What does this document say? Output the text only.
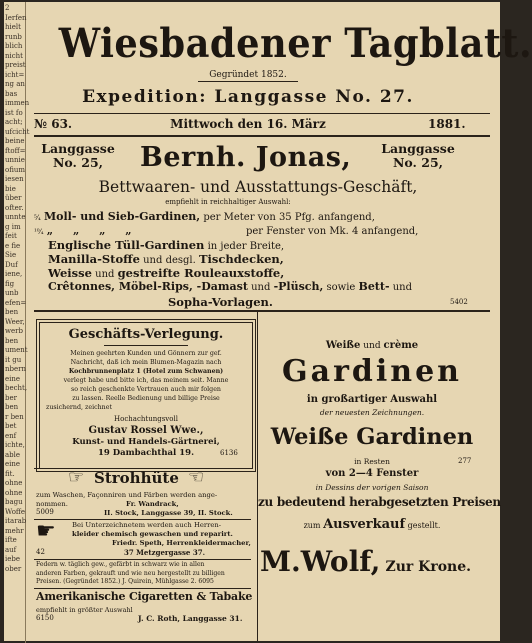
2
Ierfen
hielt
runb
blich
nicht
preist
icht=
ng an
bas
immen
ist fo
acht;
ufcicht
beine
ftoff=
unnie
ofium
iesen
bie
über
ofter.
unnte
g im
feit
e fie
Sie
Duf
iene,
fig
unb
efen=
ben
Weer,
werb
ben
ument
it gu
nbern
eine
becht,
ber
ben
r ben
bet
enf
ichte,
able
eine
fit.
ohne
ohne
bagu
Woffe
itarab
mehr
ifte
auf
iebe
ober
Wiesbadener Tagblatt.
Gegründet 1852.
Expedition: Langgasse No. 27.
№ 63.	Mittwoch den 16. März	1881.
Langgasse
No. 25,	Bernh. Jonas,	Langgasse
No. 25,
Bettwaaren- und Ausstattungs-Geschäft,
empfiehlt in reichhaltiger Auswahl:
⁵⁄₄ Moll- und Sieb-Gardinen, per Meter von 35 Pfg. anfangend,
¹⁰⁄₄ „ „ „ „	per Fenster von Mk. 4 anfangend,
Englische Tüll-Gardinen in jeder Breite,
Manilla-Stoffe und desgl. Tischdecken,
Weisse und gestreifte Rouleauxstoffe,
Crêtonnes, Möbel-Rips, -Damast und -Plüsch, sowie Bett- und
Sopha-Vorlagen.	5402
Geschäfts-Verlegung.
Meinen geehrten Kunden und Gönnern zur gef.
Nachricht, daß ich mein Blumen-Magazin nach
Kochbrunnenplatz 1 (Hotel zum Schwanen)
verlegt habe und bitte ich, das meinem seit. Manne
so reich geschenkte Vertrauen auch mir folgen
zu lassen. Reelle Bedienung und billige Preise
zusichernd, zeichnet
Hochachtungsvoll
Gustav Rossel Wwe.,
Kunst- und Handels-Gärtnerei,
19 Dambachthal 19.	6136
☞ Strohhüte ☞
zum Waschen, Façonniren und Färben werden ange-
nommen.	Fr. Wandrack,
5009	II. Stock, Langgasse 39, II. Stock.
☛ Bei Unterzeichnetem werden auch Herren-
kleider chemisch gewaschen und reparirt.
Friedr. Speth, Herrenkleidermacher,
42	37 Metzgergasse 37.
Federn w. täglich gew., gefärbt in schwarz wie in allen
anderen Farben, gekrauft und wie neu hergestellt zu billigen
Preisen. (Gegründet 1852.) J. Quirein, Mühlgasse 2. 6095
Amerikanische Cigaretten & Tabake
empfiehlt in größter Auswahl
6150	J. C. Roth, Langgasse 31.
Weiße und crème
Gardinen
in großartiger Auswahl
der neuesten Zeichnungen.
Weiße Gardinen
in Resten	277
von 2—4 Fenster
in Dessins der vorigen Saison
zu bedeutend herabgesetzten Preisen
zum Ausverkauf gestellt.
M.Wolf, Zur Krone.
